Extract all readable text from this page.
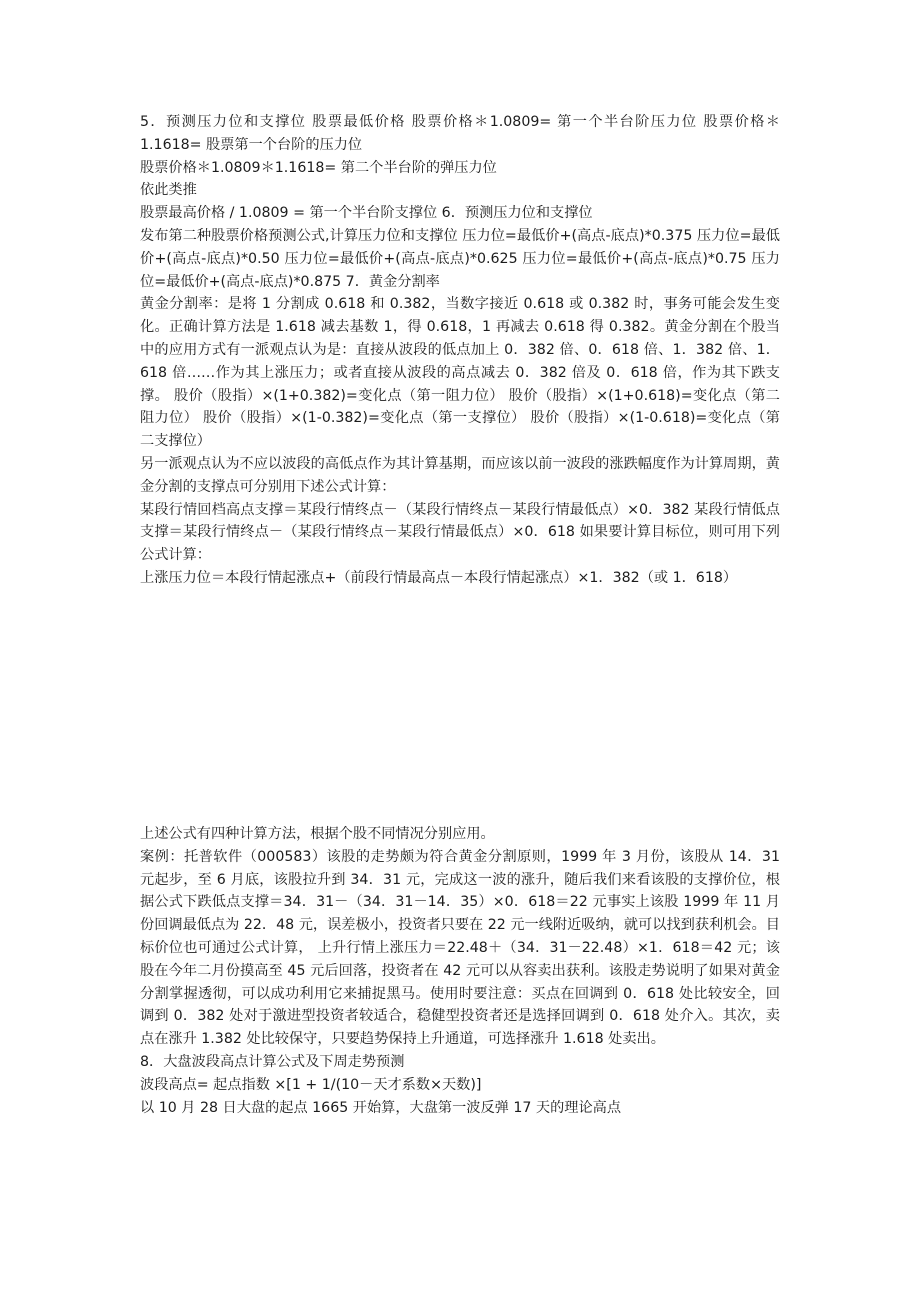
5．预测压力位和支撑位 股票最低价格 股票价格＊1.0809= 第一个半台阶压力位 股票价格＊1.1618= 股票第一个台阶的压力位

股票价格＊1.0809＊1.1618= 第二个半台阶的弹压力位

依此类推

股票最高价格 / 1.0809 = 第一个半台阶支撑位 6．预测压力位和支撑位

发布第二种股票价格预测公式,计算压力位和支撑位 压力位=最低价+(高点-底点)*0.375 压力位=最低价+(高点-底点)*0.50 压力位=最低价+(高点-底点)*0.625 压力位=最低价+(高点-底点)*0.75 压力位=最低价+(高点-底点)*0.875 7．黄金分割率

黄金分割率：是将 1 分割成 0.618 和 0.382，当数字接近 0.618 或 0.382 时，事务可能会发生变化。正确计算方法是 1.618 减去基数 1，得 0.618，1 再减去 0.618 得 0.382。黄金分割在个股当中的应用方式有一派观点认为是：直接从波段的低点加上 0．382 倍、0．618 倍、1．382 倍、1．618 倍……作为其上涨压力；或者直接从波段的高点减去 0．382 倍及 0．618 倍，作为其下跌支撑。 股价（股指）×(1+0.382)=变化点（第一阻力位） 股价（股指）×(1+0.618)=变化点（第二阻力位） 股价（股指）×(1-0.382)=变化点（第一支撑位） 股价（股指）×(1-0.618)=变化点（第二支撑位）

另一派观点认为不应以波段的高低点作为其计算基期，而应该以前一波段的涨跌幅度作为计算周期，黄金分割的支撑点可分别用下述公式计算：

某段行情回档高点支撑＝某段行情终点－（某段行情终点－某段行情最低点）×0．382 某段行情低点支撑＝某段行情终点－（某段行情终点－某段行情最低点）×0．618 如果要计算目标位，则可用下列公式计算：

上涨压力位＝本段行情起涨点+（前段行情最高点－本段行情起涨点）×1．382（或 1．618）

上述公式有四种计算方法，根据个股不同情况分别应用。

案例：托普软件（000583）该股的走势颇为符合黄金分割原则，1999 年 3 月份，该股从 14．31 元起步，至 6 月底，该股拉升到 34．31 元，完成这一波的涨升，随后我们来看该股的支撑价位，根据公式下跌低点支撑＝34．31－（34．31－14．35）×0．618＝22 元事实上该股 1999 年 11 月份回调最低点为 22．48 元，误差极小，投资者只要在 22 元一线附近吸纳，就可以找到获利机会。目标价位也可通过公式计算， 上升行情上涨压力＝22.48＋（34．31－22.48）×1．618＝42 元；该股在今年二月份摸高至 45 元后回落，投资者在 42 元可以从容卖出获利。该股走势说明了如果对黄金分割掌握透彻，可以成功利用它来捕捉黑马。使用时要注意：买点在回调到 0．618 处比较安全，回调到 0．382 处对于激进型投资者较适合，稳健型投资者还是选择回调到 0．618 处介入。其次，卖点在涨升 1.382 处比较保守，只要趋势保持上升通道，可选择涨升 1.618 处卖出。

8．大盘波段高点计算公式及下周走势预测

波段高点= 起点指数 ×[1 + 1/(10－天才系数×天数)]

以 10 月 28 日大盘的起点 1665 开始算，大盘第一波反弹 17 天的理论高点
